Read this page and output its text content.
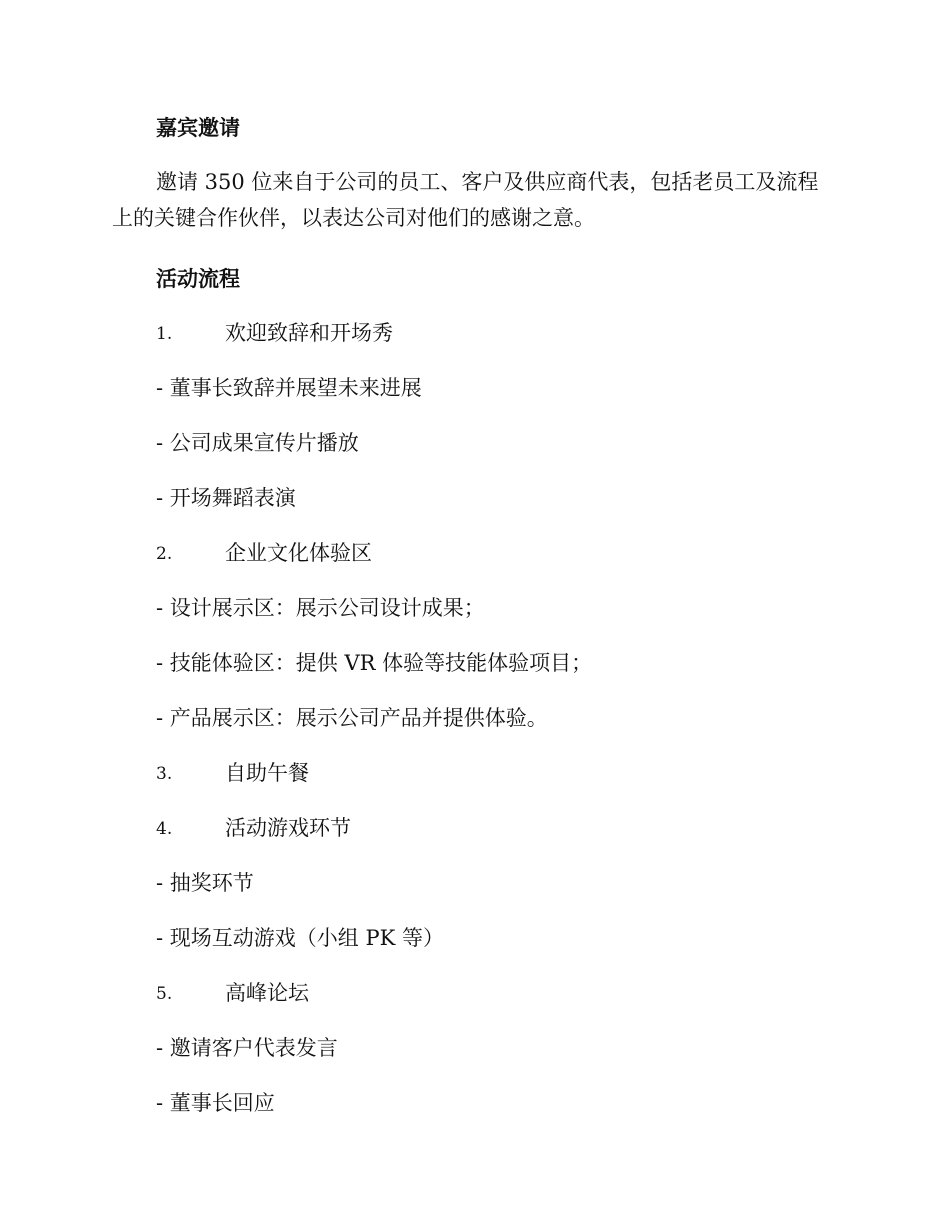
嘉宾邀请
邀请 350 位来自于公司的员工、客户及供应商代表，包括老员工及流程上的关键合作伙伴，以表达公司对他们的感谢之意。
活动流程
1.	欢迎致辞和开场秀
- 董事长致辞并展望未来进展
- 公司成果宣传片播放
- 开场舞蹈表演
2.	企业文化体验区
- 设计展示区：展示公司设计成果；
- 技能体验区：提供 VR 体验等技能体验项目；
- 产品展示区：展示公司产品并提供体验。
3.	自助午餐
4.	活动游戏环节
- 抽奖环节
- 现场互动游戏（小组 PK 等）
5.	高峰论坛
- 邀请客户代表发言
- 董事长回应
